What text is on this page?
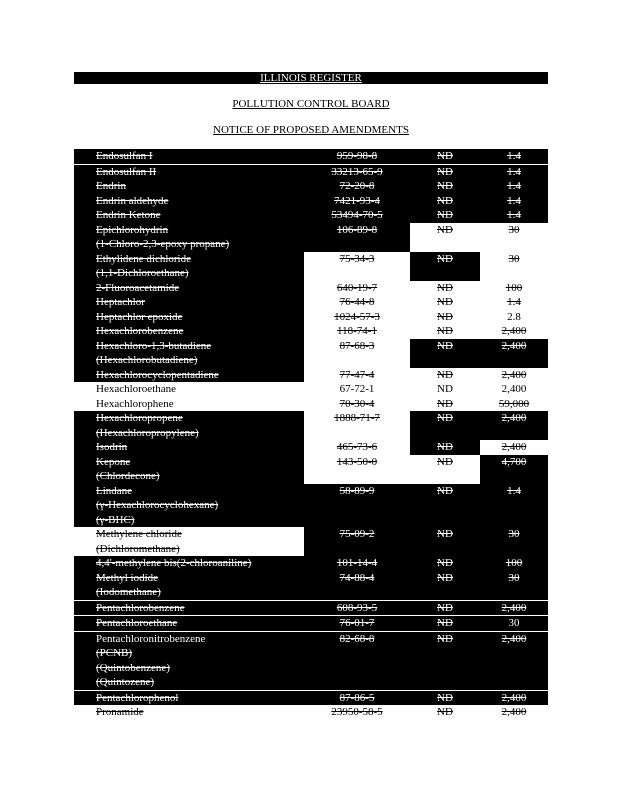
ILLINOIS REGISTER
POLLUTION CONTROL BOARD
NOTICE OF PROPOSED AMENDMENTS
Endosulfan I	959-98-8	ND	1.4
Endosulfan II	33213-65-9	ND	1.4
Endrin	72-20-8	ND	1.4
Endrin aldehyde	7421-93-4	ND	1.4
Endrin Ketone	53494-70-5	ND	1.4

Epichlorohydrin
(1-Chloro-2,3-epoxy propane)	106-89-8	ND	30

Ethylidene dichloride
(1,1-Dichloroethane)	75-34-3	ND	30
2-Fluoroacetamide	640-19-7	ND	100
Heptachlor	76-44-8	ND	1.4
Heptachlor epoxide	1024-57-3	ND	2.8
Hexachlorobenzene	118-74-1	ND	2,400

Hexachloro-1,3-butadiene
(Hexachlorobutadiene)	87-68-3	ND	2,400
Hexachlorocyclopentadiene	77-47-4	ND	2,400
Hexachloroethane	67-72-1	ND	2,400
Hexachlorophene	70-30-4	ND	59,000

Hexachloropropene
(Hexachloropropylene)	1888-71-7	ND	2,400
Isodrin	465-73-6	ND	2,400

Kepone
(Chlordecone)	143-50-0	ND	4,700

Lindane
(γ-Hexachlorocyclohexane)
(γ-BHC)	58-89-9	ND	1.4

Methylene chloride
(Dichloromethane)	75-09-2	ND	30
4,4'-methylene bis(2-chloroaniline)	101-14-4	ND	100

Methyl iodide
(Iodomethane)	74-88-4	ND	30
Pentachlorobenzene	608-93-5	ND	2,400
Pentachloroethane	76-01-7	ND	30

Pentachloronitrobenzene
(PCNB)
(Quintobenzene)
(Quintozene)	82-68-8	ND	2,400
Pentachlorophenol	87-86-5	ND	2,400
Pronamide	23950-58-5	ND	2,400
